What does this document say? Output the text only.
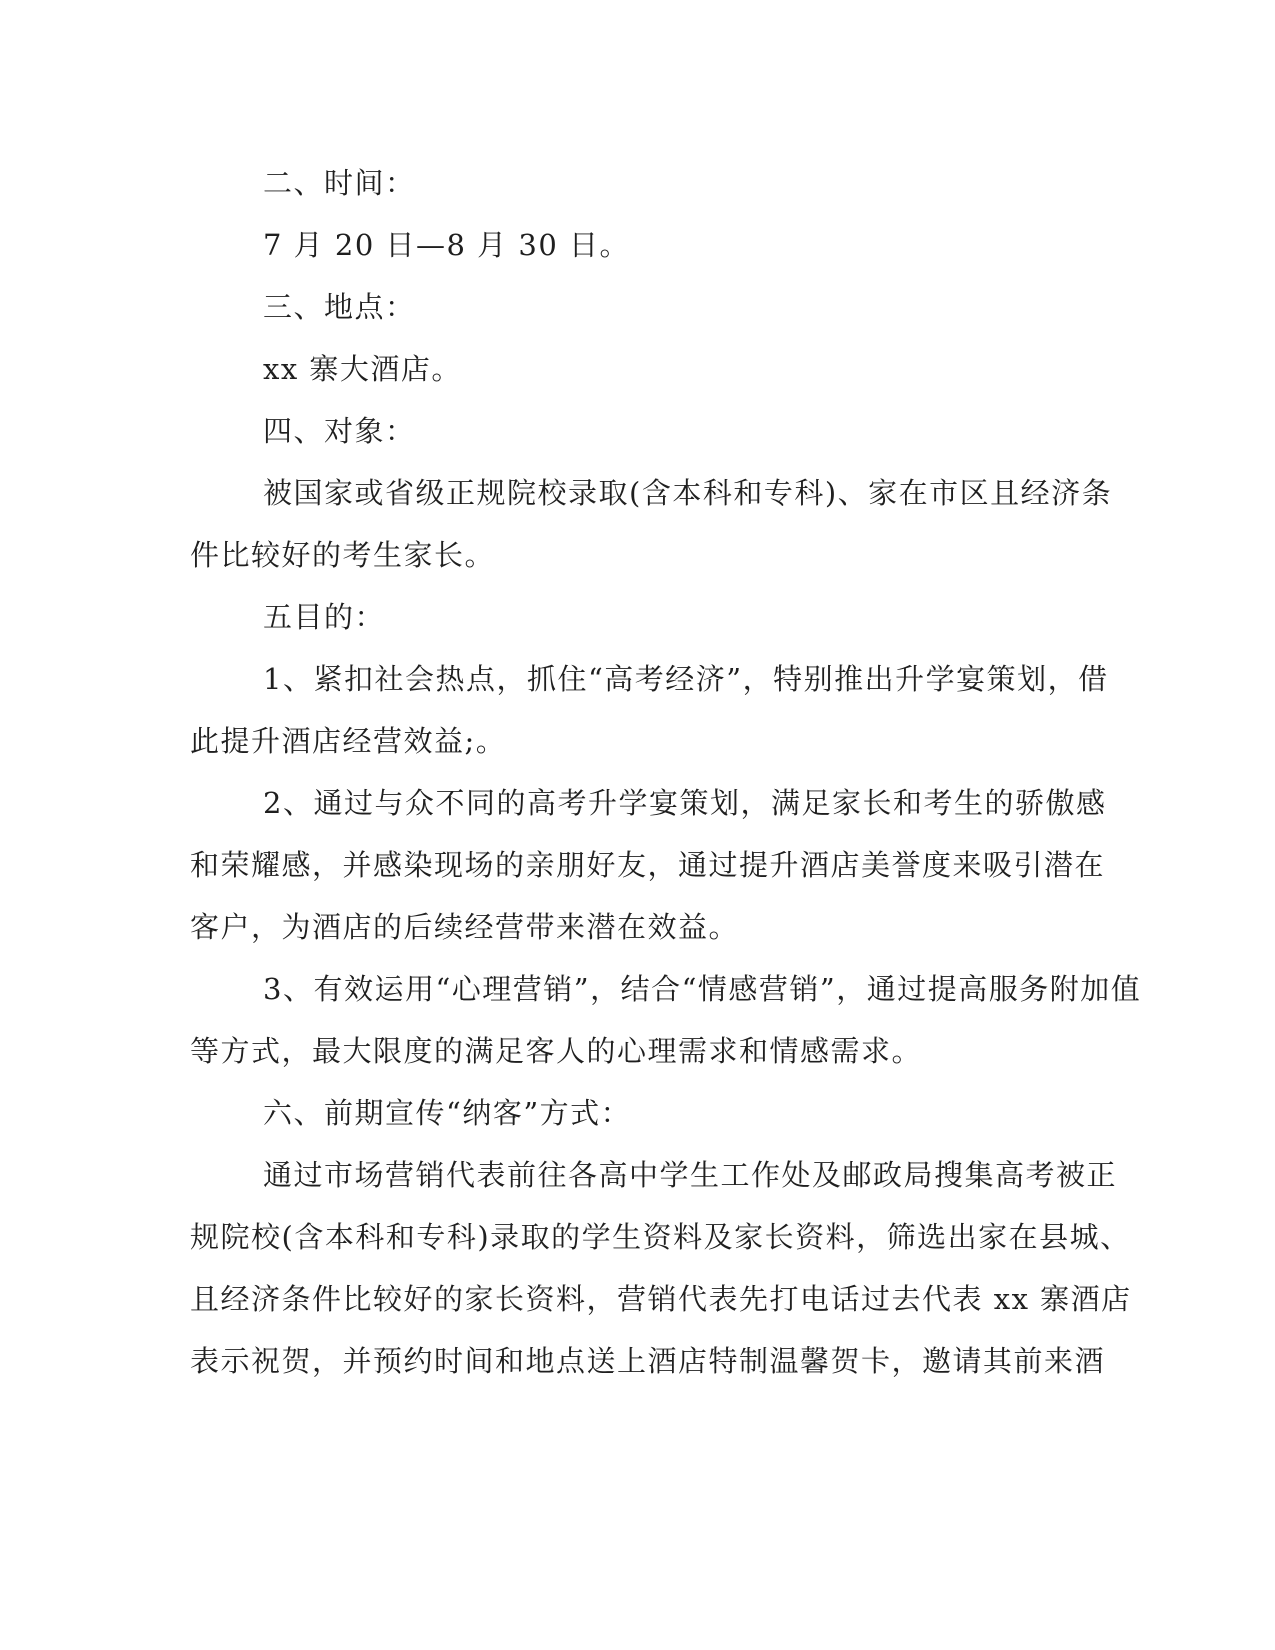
二、时间：
7 月 20 日—8 月 30 日。
三、地点：
xx 寨大酒店。
四、对象：
被国家或省级正规院校录取(含本科和专科)、家在市区且经济条
件比较好的考生家长。
五目的：
1、紧扣社会热点，抓住“高考经济”，特别推出升学宴策划，借
此提升酒店经营效益;。
2、通过与众不同的高考升学宴策划，满足家长和考生的骄傲感
和荣耀感，并感染现场的亲朋好友，通过提升酒店美誉度来吸引潜在
客户，为酒店的后续经营带来潜在效益。
3、有效运用“心理营销”，结合“情感营销”，通过提高服务附加值
等方式，最大限度的满足客人的心理需求和情感需求。
六、前期宣传“纳客”方式：
通过市场营销代表前往各高中学生工作处及邮政局搜集高考被正
规院校(含本科和专科)录取的学生资料及家长资料，筛选出家在县城、
且经济条件比较好的家长资料，营销代表先打电话过去代表 xx 寨酒店
表示祝贺，并预约时间和地点送上酒店特制温馨贺卡，邀请其前来酒
